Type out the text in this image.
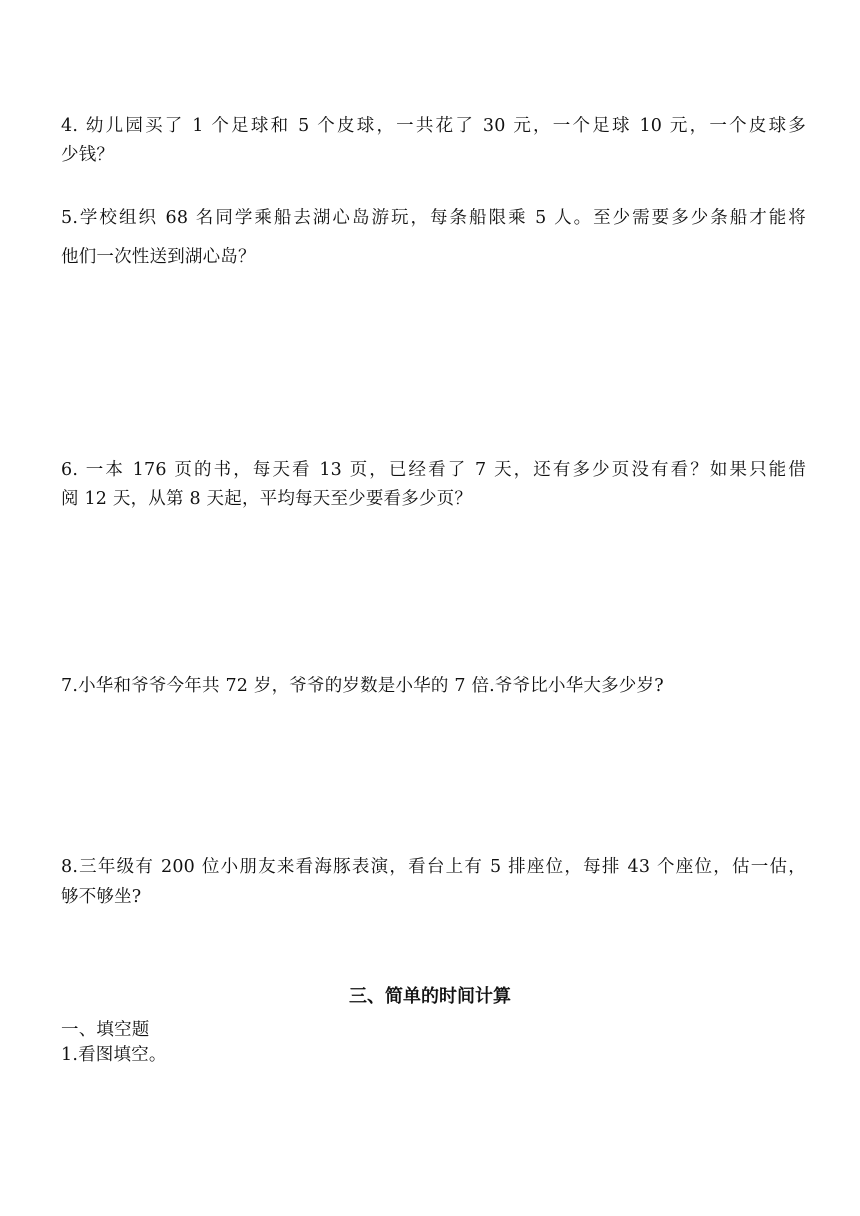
4. 幼儿园买了 1 个足球和 5 个皮球，一共花了 30 元，一个足球 10 元，一个皮球多
少钱？
5.学校组织 68 名同学乘船去湖心岛游玩，每条船限乘 5 人。至少需要多少条船才能将
他们一次性送到湖心岛？
6. 一本 176 页的书，每天看 13 页，已经看了 7 天，还有多少页没有看？如果只能借
阅 12 天，从第 8 天起，平均每天至少要看多少页？
7.小华和爷爷今年共 72 岁，爷爷的岁数是小华的 7 倍.爷爷比小华大多少岁?
8.三年级有 200 位小朋友来看海豚表演，看台上有 5 排座位，每排 43 个座位，估一估，
够不够坐?
三、简单的时间计算
一、填空题
1.看图填空。
